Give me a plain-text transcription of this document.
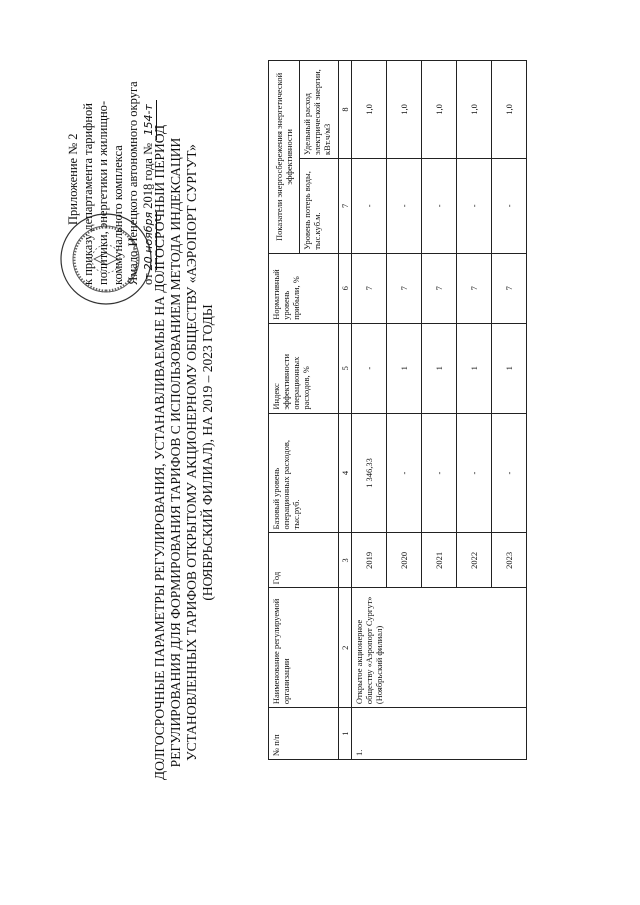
Приложение № 2 к приказу департамента тарифной политики, энергетики и жилищно- коммунального комплекса Ямало-Ненецкого автономного округа от 20 ноября 2018 года № 154-т
ДОЛГОСРОЧНЫЕ ПАРАМЕТРЫ РЕГУЛИРОВАНИЯ, УСТАНАВЛИВАЕМЫЕ НА ДОЛГОСРОЧНЫЙ ПЕРИОД РЕГУЛИРОВАНИЯ ДЛЯ ФОРМИРОВАНИЯ ТАРИФОВ С ИСПОЛЬЗОВАНИЕМ МЕТОДА ИНДЕКСАЦИИ УСТАНОВЛЕННЫХ ТАРИФОВ ОТКРЫТОМУ АКЦИОНЕРНОМУ ОБЩЕСТВУ «АЭРОПОРТ СУРГУТ» (НОЯБРЬСКИЙ ФИЛИАЛ), НА 2019 – 2023 ГОДЫ
№ п/п	Наименование регулируемой организации	Год	Базовый уровень операционных расходов, тыс.руб.	Индекс эффективности операционных расходов, %	Нормативный уровень прибыли, %	Показатели энергосбережения энергетической эффективности	
						Уровень потерь воды, тыс.куб.м.	Удельный расход электрической энергии, кВт.ч/м3
1	2	3	4	5	6	7	8
1.	Открытое акционерное обществу «Аэропорт Сургут» (Ноябрьский филиал)	2019	1 346,33	-	7	-	1,0
		2020	-	1	7	-	1,0
		2021	-	1	7	-	1,0
		2022	-	1	7	-	1,0
		2023	-	1	7	-	1,0
